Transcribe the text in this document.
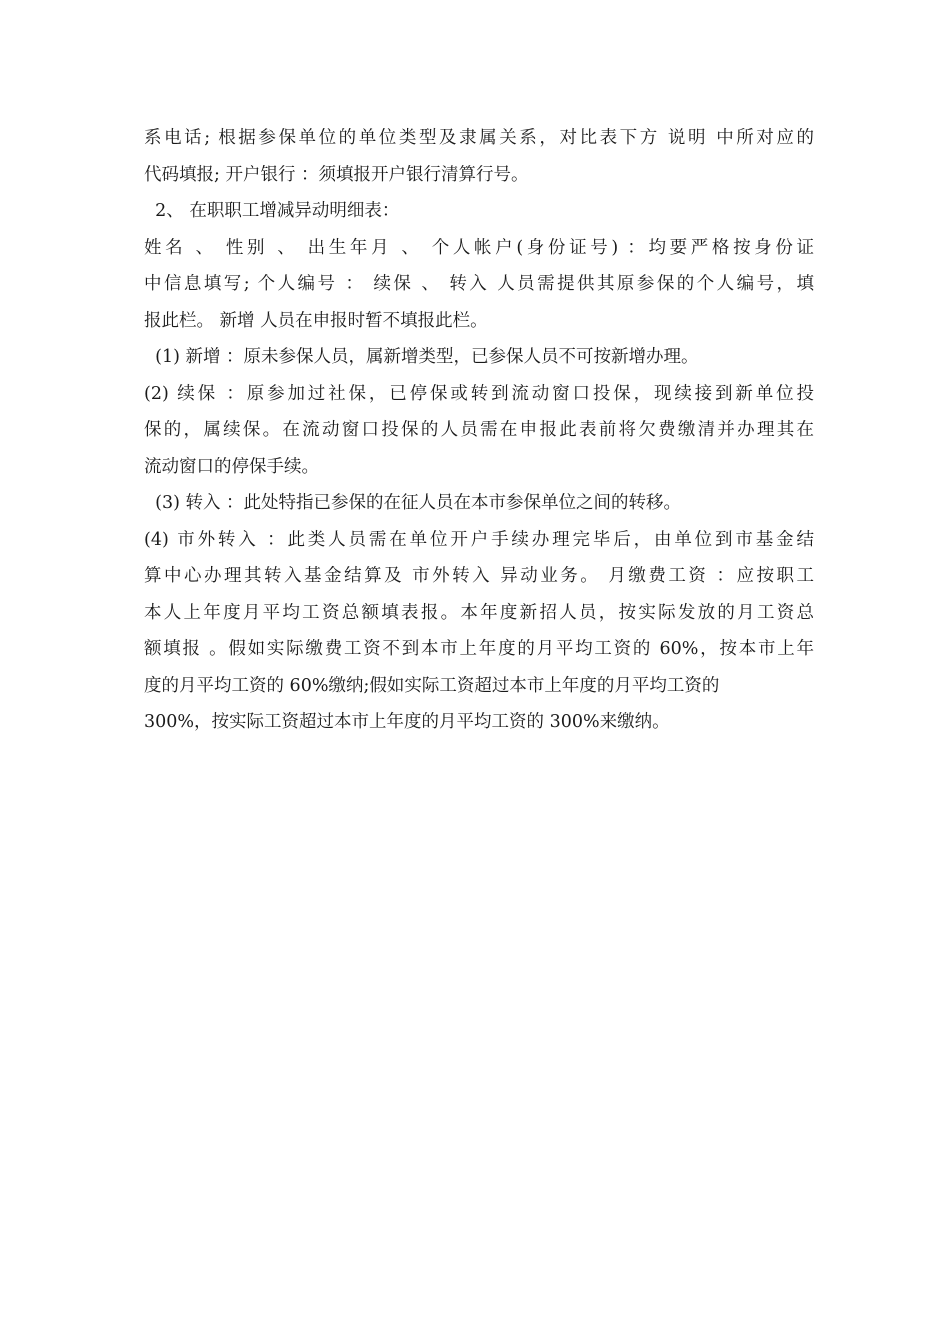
系电话; 根据参保单位的单位类型及隶属关系，对比表下方 说明 中所对应的
代码填报; 开户银行 ：须填报开户银行清算行号。
2、 在职职工增减异动明细表：
姓名 、 性别 、 出生年月 、 个人帐户(身份证号) ：均要严格按身份证
中信息填写; 个人编号 ： 续保 、 转入 人员需提供其原参保的个人编号，填
报此栏。 新增 人员在申报时暂不填报此栏。
(1) 新增 ：原未参保人员，属新增类型，已参保人员不可按新增办理。
(2) 续保 ：原参加过社保，已停保或转到流动窗口投保，现续接到新单位投
保的，属续保。在流动窗口投保的人员需在申报此表前将欠费缴清并办理其在
流动窗口的停保手续。
(3) 转入 ：此处特指已参保的在征人员在本市参保单位之间的转移。
(4) 市外转入 ：此类人员需在单位开户手续办理完毕后，由单位到市基金结
算中心办理其转入基金结算及 市外转入 异动业务。 月缴费工资 ：应按职工
本人上年度月平均工资总额填表报。本年度新招人员，按实际发放的月工资总
额填报 。假如实际缴费工资不到本市上年度的月平均工资的 60%，按本市上年
度的月平均工资的 60%缴纳;假如实际工资超过本市上年度的月平均工资的
300%，按实际工资超过本市上年度的月平均工资的 300%来缴纳。
